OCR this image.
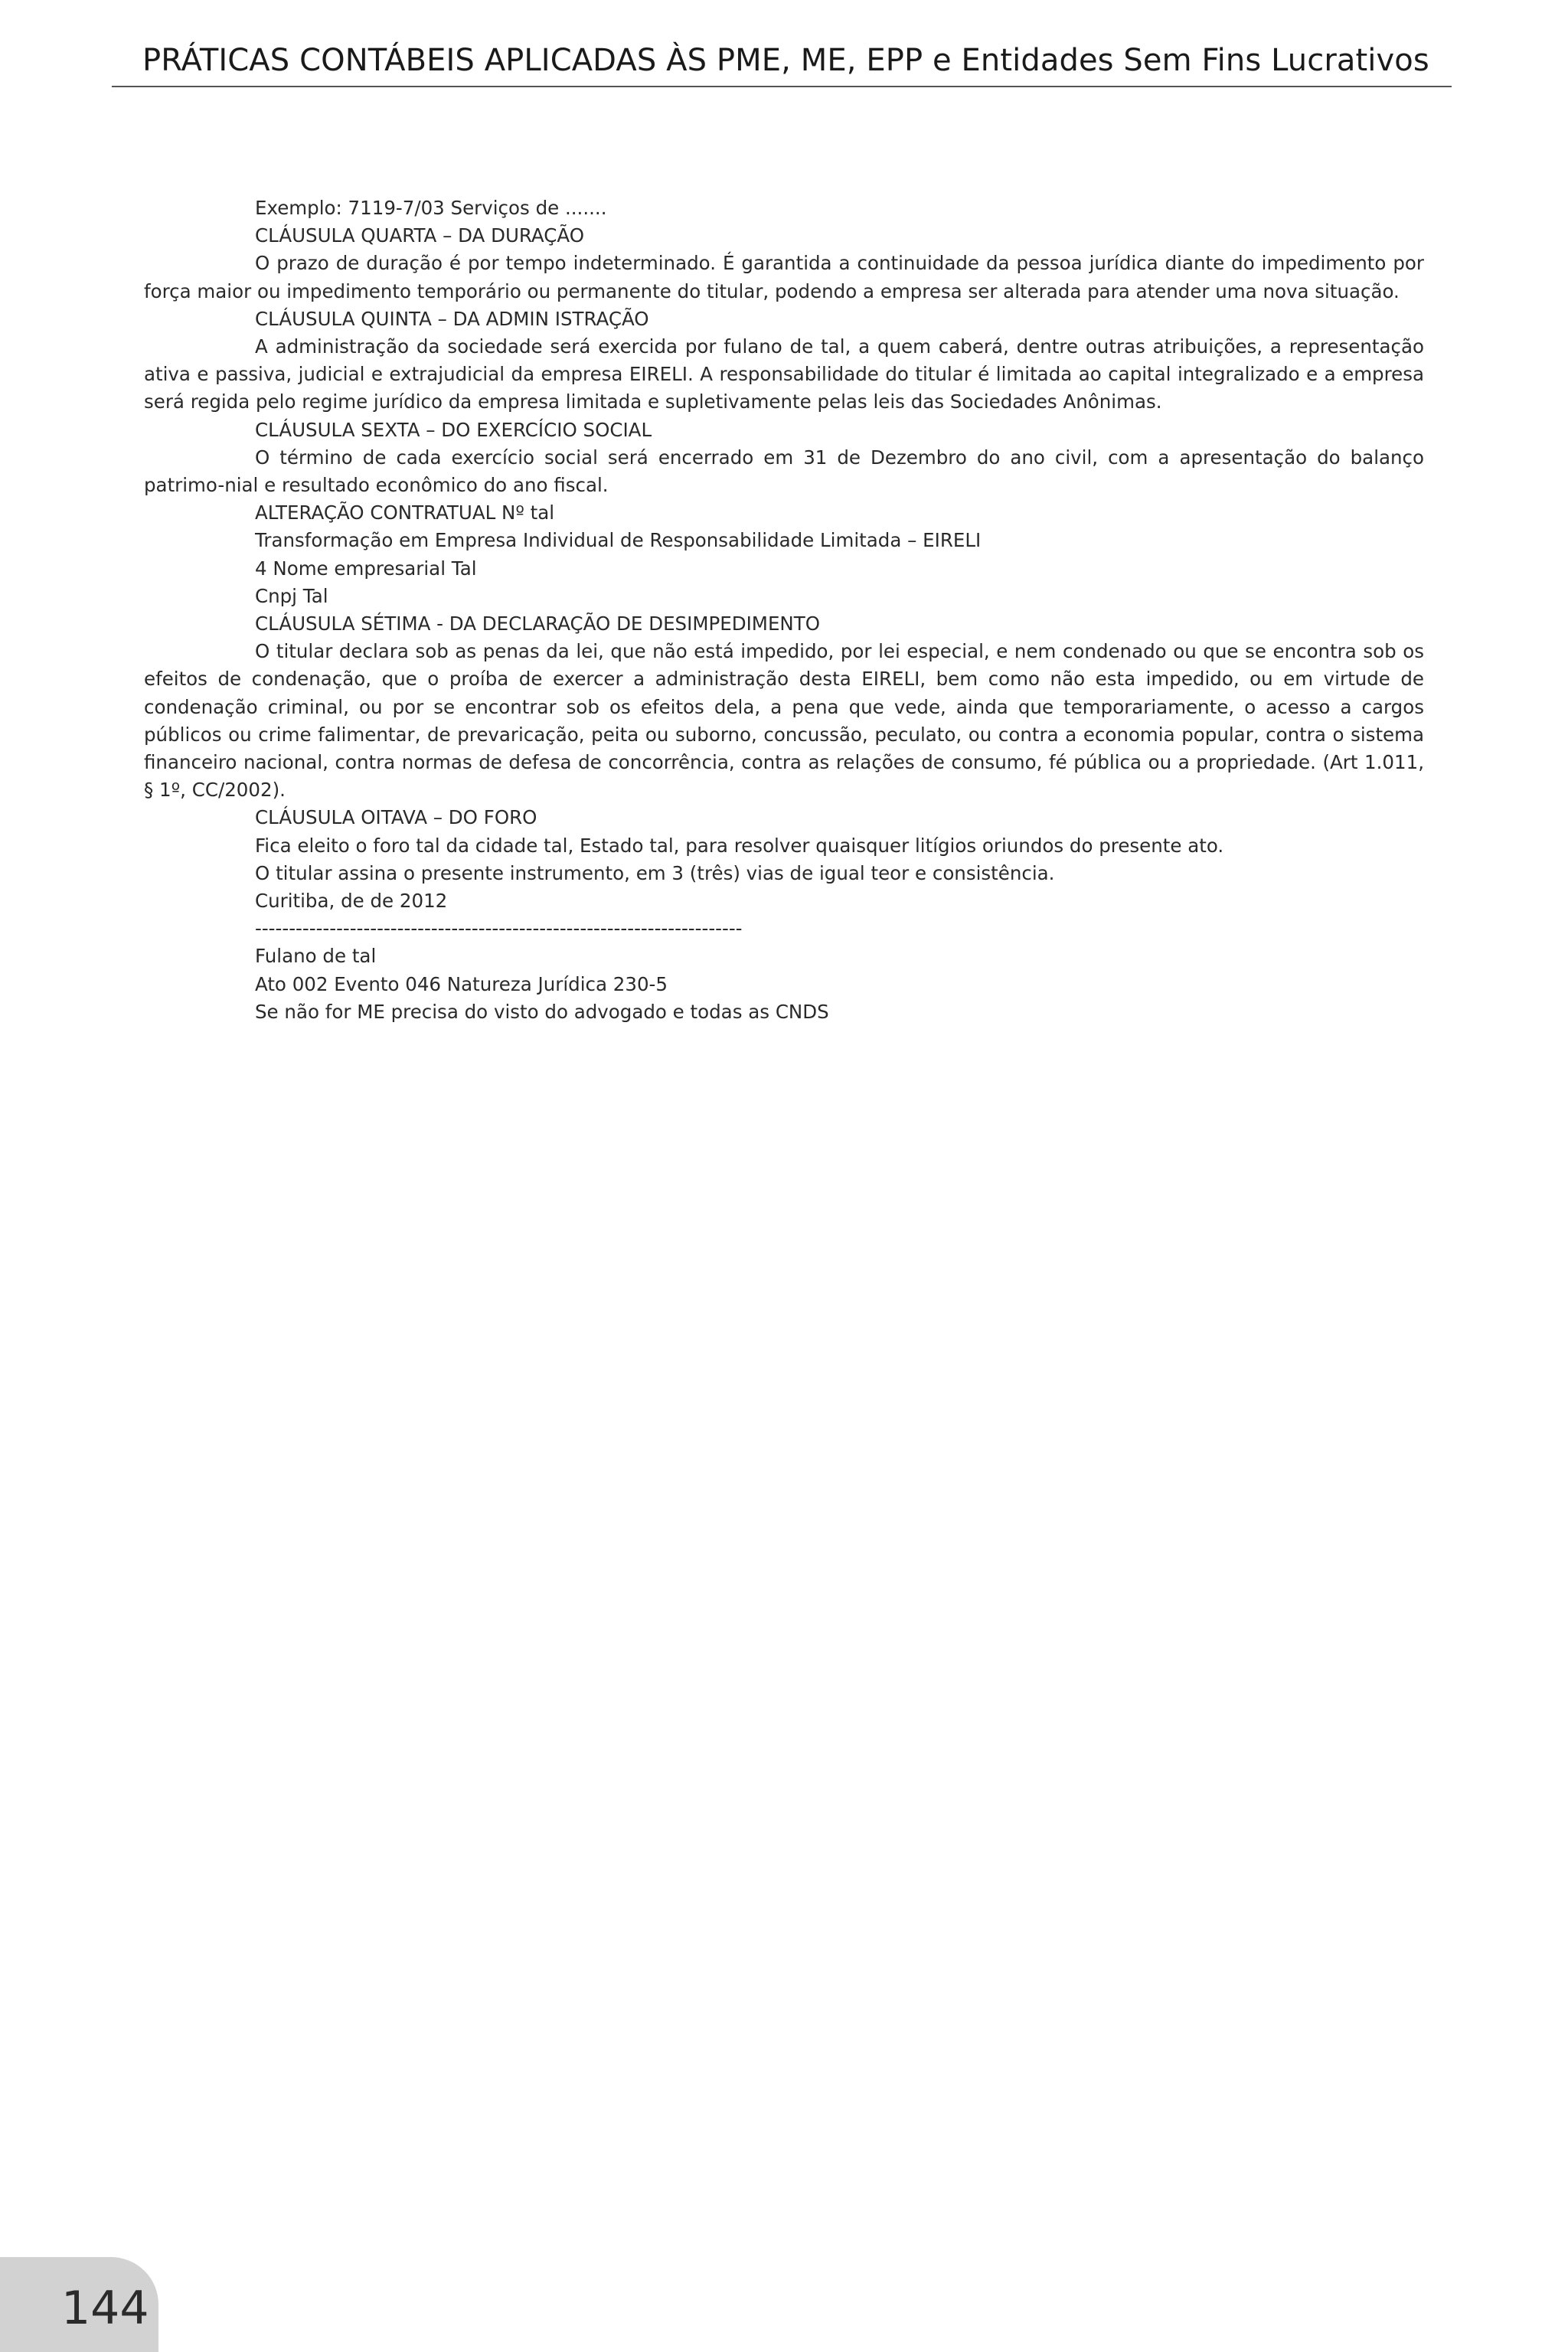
PRÁTICAS CONTÁBEIS APLICADAS ÀS PME, ME, EPP e Entidades Sem Fins Lucrativos

Exemplo: 7119-7/03 Serviços de .......

CLÁUSULA QUARTA – DA DURAÇÃO

O prazo de duração é por tempo indeterminado. É garantida a continuidade da pessoa jurídica diante do impedimento por força maior ou impedimento temporário ou permanente do titular, podendo a empresa ser alterada para atender uma nova situação.

CLÁUSULA QUINTA – DA ADMIN ISTRAÇÃO

A administração da sociedade será exercida por fulano de tal, a quem caberá, dentre outras atribuições, a representação ativa e passiva, judicial e extrajudicial da empresa EIRELI. A responsabilidade do titular é limitada ao capital integralizado e a empresa será regida pelo regime jurídico da empresa limitada e supletivamente pelas leis das Sociedades Anônimas.

CLÁUSULA SEXTA – DO EXERCÍCIO SOCIAL

O término de cada exercício social será encerrado em 31 de Dezembro do ano civil, com a apresentação do balanço patrimo-nial e resultado econômico do ano fiscal.

ALTERAÇÃO CONTRATUAL Nº tal

Transformação em Empresa Individual de Responsabilidade Limitada – EIRELI

4 Nome empresarial Tal

Cnpj Tal

CLÁUSULA SÉTIMA - DA DECLARAÇÃO DE DESIMPEDIMENTO

O titular declara sob as penas da lei, que não está impedido, por lei especial, e nem condenado ou que se encontra sob os efeitos de condenação, que o proíba de exercer a administração desta EIRELI, bem como não esta impedido, ou em virtude de condenação criminal, ou por se encontrar sob os efeitos dela, a pena que vede, ainda que temporariamente, o acesso a cargos públicos ou crime falimentar, de prevaricação, peita ou suborno, concussão, peculato, ou contra a economia popular, contra o sistema financeiro nacional, contra normas de defesa de concorrência, contra as relações de consumo, fé pública ou a propriedade. (Art 1.011, § 1º, CC/2002).

CLÁUSULA OITAVA – DO FORO

Fica eleito o foro tal da cidade tal, Estado tal, para resolver quaisquer litígios oriundos do presente ato.

O titular assina o presente instrumento, em 3 (três) vias de igual teor e consistência.

Curitiba, de de 2012

------------------------------------------------------------------------

Fulano de tal

Ato 002 Evento 046 Natureza Jurídica 230-5

Se não for ME precisa do visto do advogado e todas as CNDS

144
